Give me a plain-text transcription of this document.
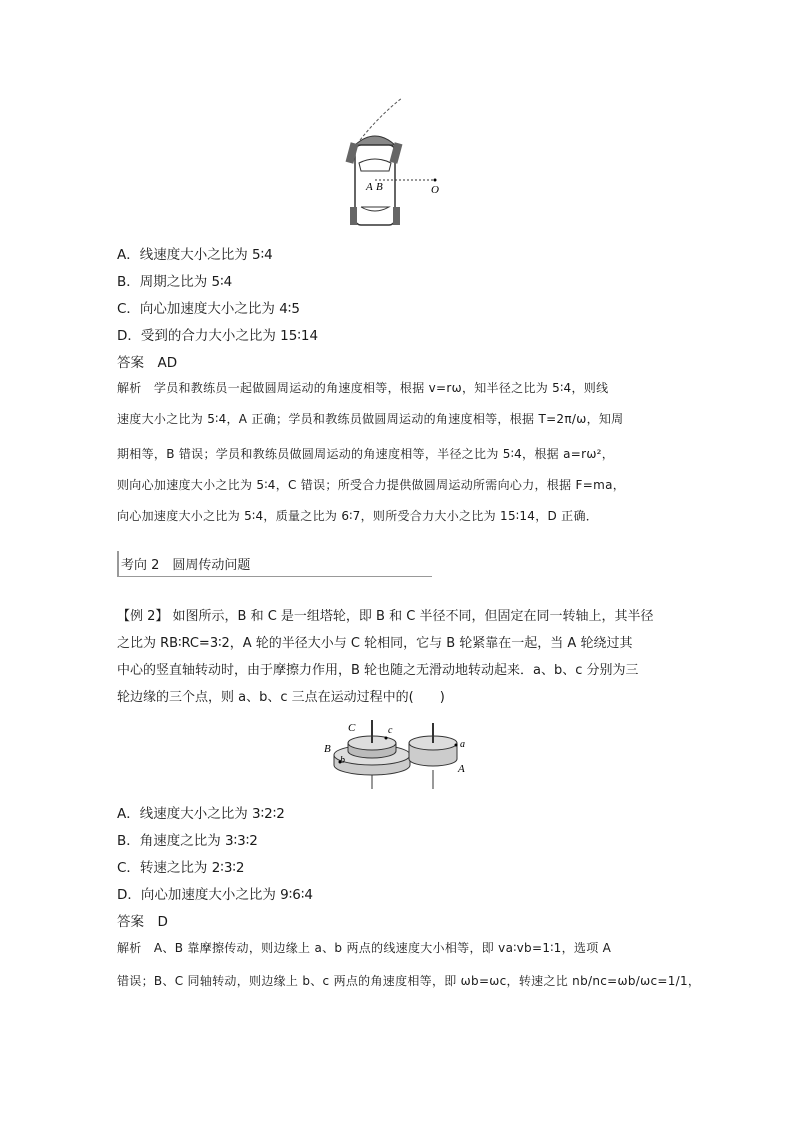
A B	O
A．线速度大小之比为 5∶4
B．周期之比为 5∶4
C．向心加速度大小之比为 4∶5
D．受到的合力大小之比为 15∶14
答案　AD

解析　学员和教练员一起做圆周运动的角速度相等，根据 v=rω，知半径之比为 5∶4，则线

速度大小之比为 5∶4，A 正确；学员和教练员做圆周运动的角速度相等，根据 T=2π/ω，知周

期相等，B 错误；学员和教练员做圆周运动的角速度相等，半径之比为 5∶4，根据 a=rω²，

则向心加速度大小之比为 5∶4，C 错误；所受合力提供做圆周运动所需向心力，根据 F=ma，

向心加速度大小之比为 5∶4，质量之比为 6∶7，则所受合力大小之比为 15∶14，D 正确．

考向 2　圆周传动问题

【例 2】 如图所示，B 和 C 是一组塔轮，即 B 和 C 半径不同，但固定在同一转轴上，其半径

之比为 RB∶RC=3∶2，A 轮的半径大小与 C 轮相同，它与 B 轮紧靠在一起，当 A 轮绕过其

中心的竖直轴转动时，由于摩擦力作用，B 轮也随之无滑动地转动起来．a、b、c 分别为三

轮边缘的三个点，则 a、b、c 三点在运动过程中的(　　)

C	c
B
b
a
A
A．线速度大小之比为 3∶2∶2
B．角速度之比为 3∶3∶2
C．转速之比为 2∶3∶2
D．向心加速度大小之比为 9∶6∶4
答案　D

解析　A、B 靠摩擦传动，则边缘上 a、b 两点的线速度大小相等，即 va∶vb=1∶1，选项 A

错误；B、C 同轴转动，则边缘上 b、c 两点的角速度相等，即 ωb=ωc，转速之比 nb/nc=ωb/ωc=1/1，
